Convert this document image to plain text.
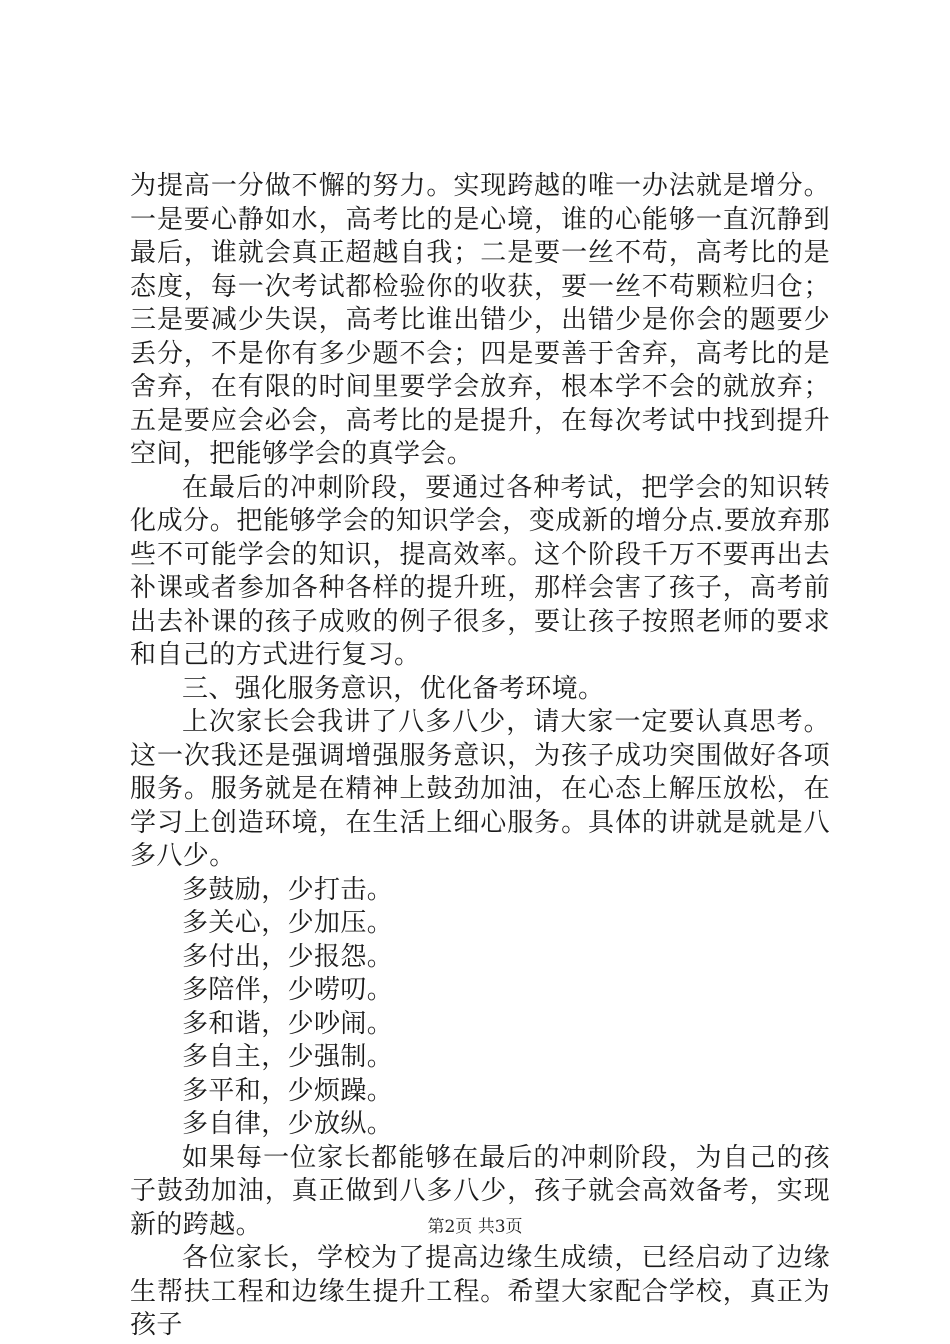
为提高一分做不懈的努力。实现跨越的唯一办法就是增分。一是要心静如水，高考比的是心境，谁的心能够一直沉静到最后，谁就会真正超越自我；二是要一丝不苟，高考比的是态度，每一次考试都检验你的收获，要一丝不苟颗粒归仓；三是要减少失误，高考比谁出错少，出错少是你会的题要少丢分，不是你有多少题不会；四是要善于舍弃，高考比的是舍弃，在有限的时间里要学会放弃，根本学不会的就放弃；五是要应会必会，高考比的是提升，在每次考试中找到提升空间，把能够学会的真学会。

在最后的冲刺阶段，要通过各种考试，把学会的知识转化成分。把能够学会的知识学会，变成新的增分点.要放弃那些不可能学会的知识，提高效率。这个阶段千万不要再出去补课或者参加各种各样的提升班，那样会害了孩子，高考前出去补课的孩子成败的例子很多，要让孩子按照老师的要求和自己的方式进行复习。

三、强化服务意识，优化备考环境。

上次家长会我讲了八多八少，请大家一定要认真思考。这一次我还是强调增强服务意识，为孩子成功突围做好各项服务。服务就是在精神上鼓劲加油，在心态上解压放松，在学习上创造环境，在生活上细心服务。具体的讲就是就是八多八少。

多鼓励，少打击。

多关心，少加压。

多付出，少报怨。

多陪伴，少唠叨。

多和谐，少吵闹。

多自主，少强制。

多平和，少烦躁。

多自律，少放纵。

如果每一位家长都能够在最后的冲刺阶段，为自己的孩子鼓劲加油，真正做到八多八少，孩子就会高效备考，实现新的跨越。

各位家长，学校为了提高边缘生成绩，已经启动了边缘生帮扶工程和边缘生提升工程。希望大家配合学校，真正为孩子

第2页 共3页
